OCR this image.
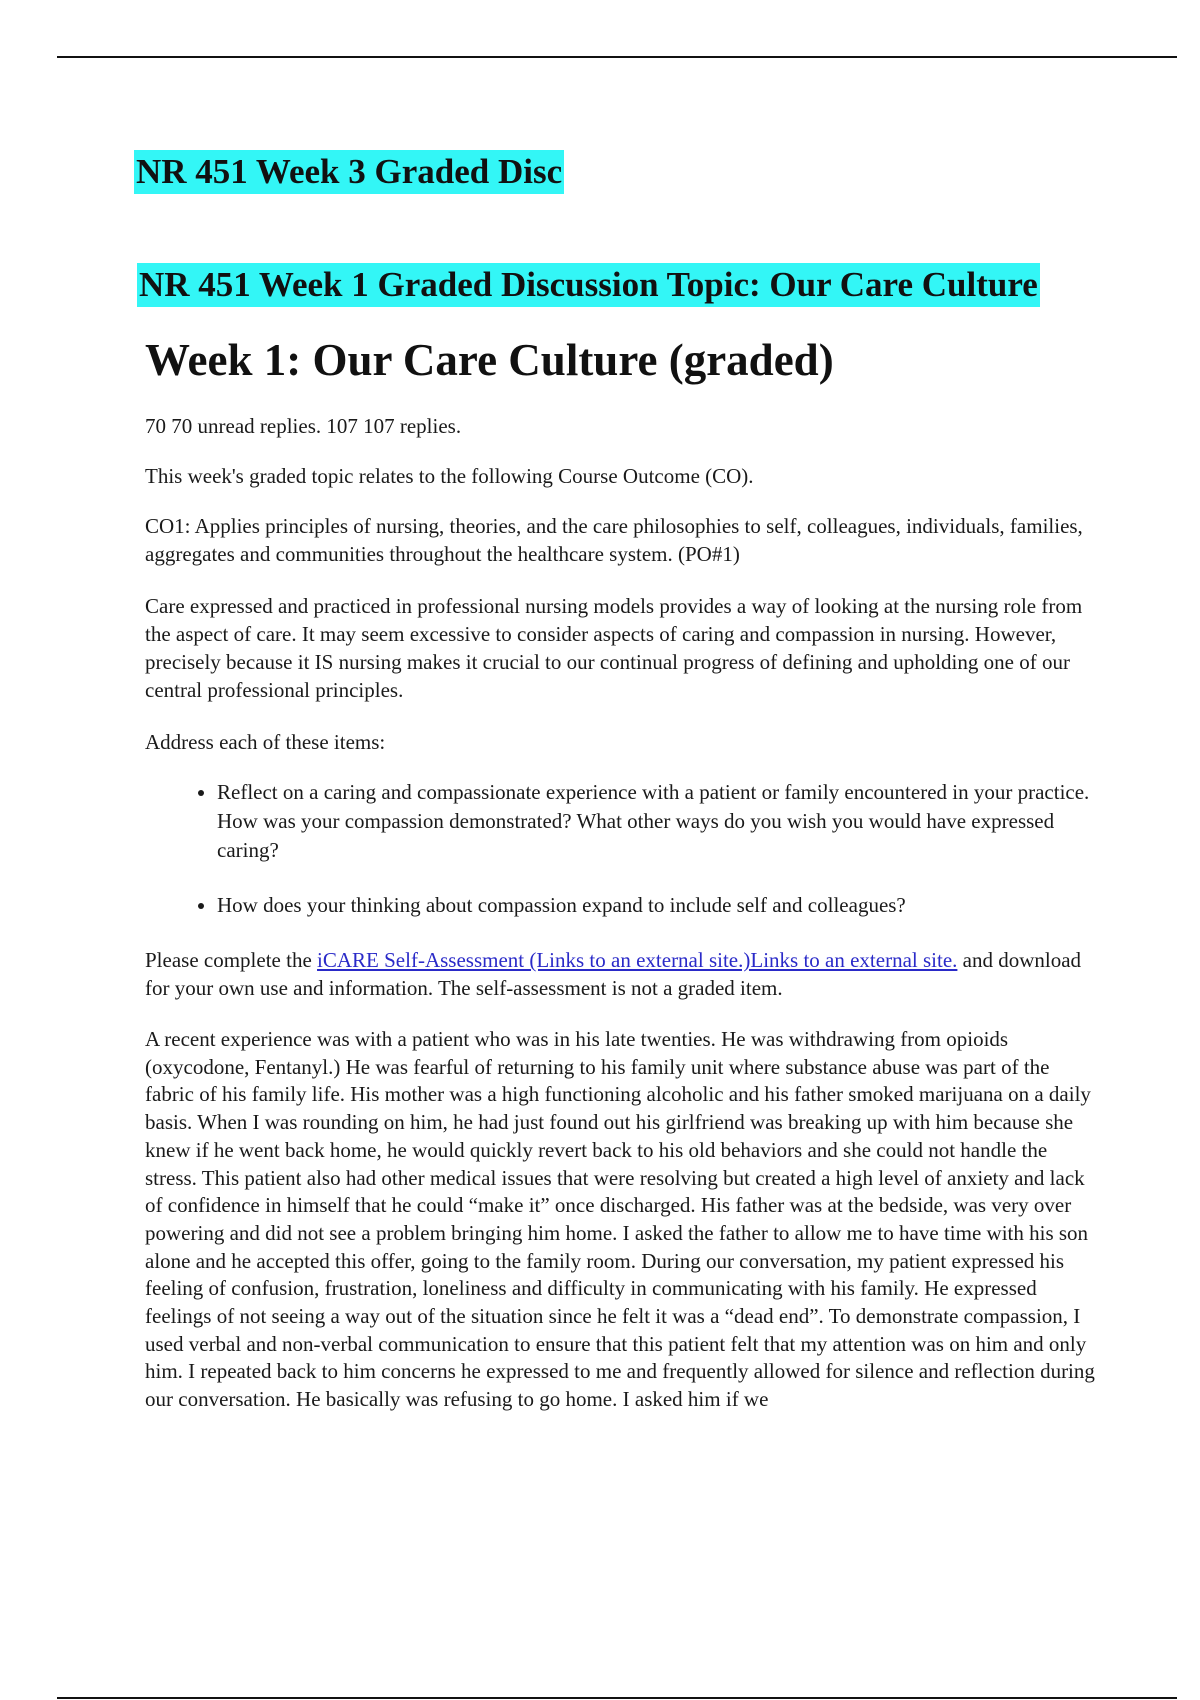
NR 451 Week 3 Graded Disc
NR 451 Week 1 Graded Discussion Topic: Our Care Culture
Week 1: Our Care Culture (graded)

70 70 unread replies. 107 107 replies.

This week's graded topic relates to the following Course Outcome (CO).

CO1: Applies principles of nursing, theories, and the care philosophies to self, colleagues, individuals, families, aggregates and communities throughout the healthcare system. (PO#1)

Care expressed and practiced in professional nursing models provides a way of looking at the nursing role from the aspect of care. It may seem excessive to consider aspects of caring and compassion in nursing. However, precisely because it IS nursing makes it crucial to our continual progress of defining and upholding one of our central professional principles.

Address each of these items:

• Reflect on a caring and compassionate experience with a patient or family encountered in your practice. How was your compassion demonstrated? What other ways do you wish you would have expressed caring?
• How does your thinking about compassion expand to include self and colleagues?

Please complete the iCARE Self-Assessment (Links to an external site.)Links to an external site. and download for your own use and information. The self-assessment is not a graded item.

A recent experience was with a patient who was in his late twenties. He was withdrawing from opioids (oxycodone, Fentanyl.) He was fearful of returning to his family unit where substance abuse was part of the fabric of his family life. His mother was a high functioning alcoholic and his father smoked marijuana on a daily basis. When I was rounding on him, he had just found out his girlfriend was breaking up with him because she knew if he went back home, he would quickly revert back to his old behaviors and she could not handle the stress. This patient also had other medical issues that were resolving but created a high level of anxiety and lack of confidence in himself that he could “make it” once discharged. His father was at the bedside, was very over powering and did not see a problem bringing him home. I asked the father to allow me to have time with his son alone and he accepted this offer, going to the family room. During our conversation, my patient expressed his feeling of confusion, frustration, loneliness and difficulty in communicating with his family. He expressed feelings of not seeing a way out of the situation since he felt it was a “dead end”. To demonstrate compassion, I used verbal and non-verbal communication to ensure that this patient felt that my attention was on him and only him. I repeated back to him concerns he expressed to me and frequently allowed for silence and reflection during our conversation. He basically was refusing to go home. I asked him if we
